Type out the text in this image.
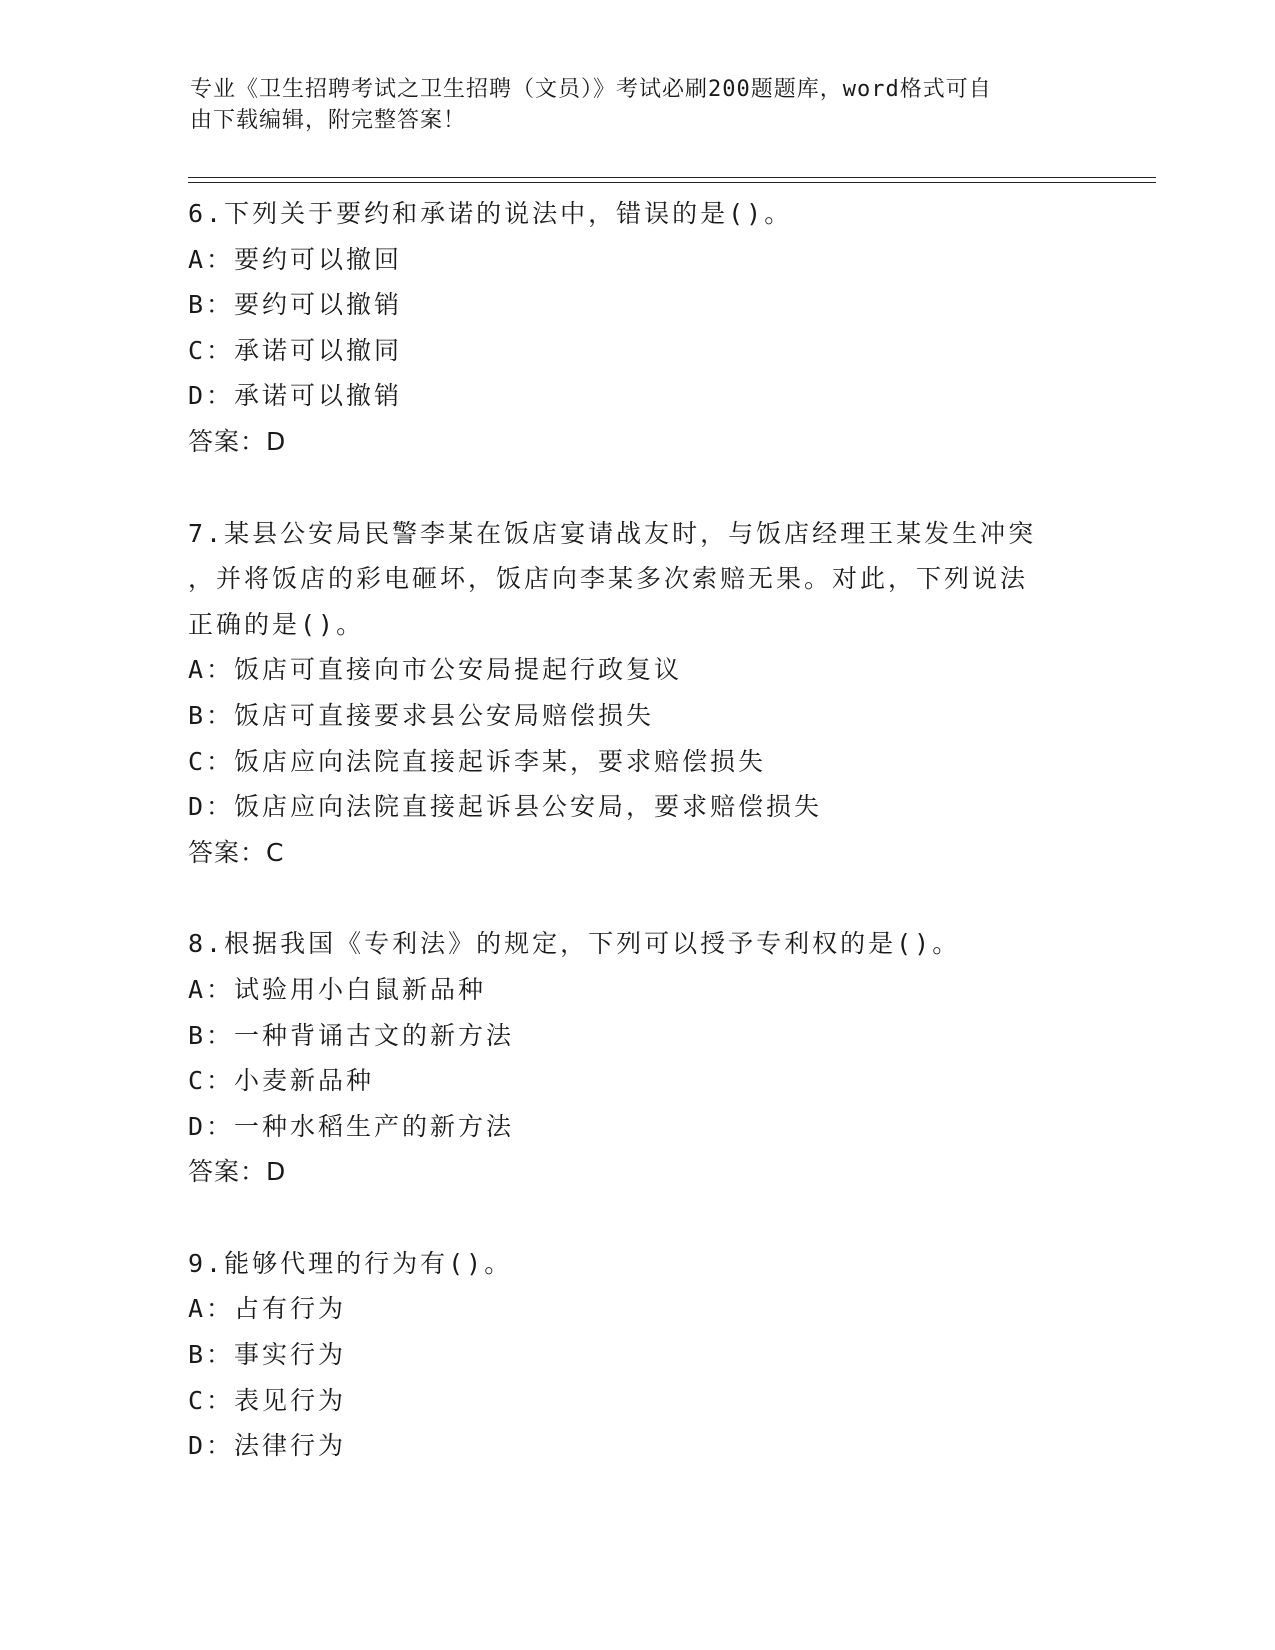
专业《卫生招聘考试之卫生招聘（文员）》考试必刷200题题库，word格式可自
由下载编辑，附完整答案！
6.下列关于要约和承诺的说法中，错误的是()。
A：要约可以撤回
B：要约可以撤销
C：承诺可以撤同
D：承诺可以撤销
答案：D
7.某县公安局民警李某在饭店宴请战友时，与饭店经理王某发生冲突
，并将饭店的彩电砸坏，饭店向李某多次索赔无果。对此，下列说法
正确的是()。
A：饭店可直接向市公安局提起行政复议
B：饭店可直接要求县公安局赔偿损失
C：饭店应向法院直接起诉李某，要求赔偿损失
D：饭店应向法院直接起诉县公安局，要求赔偿损失
答案：C
8.根据我国《专利法》的规定，下列可以授予专利权的是()。
A：试验用小白鼠新品种
B：一种背诵古文的新方法
C：小麦新品种
D：一种水稻生产的新方法
答案：D
9.能够代理的行为有()。
A：占有行为
B：事实行为
C：表见行为
D：法律行为
